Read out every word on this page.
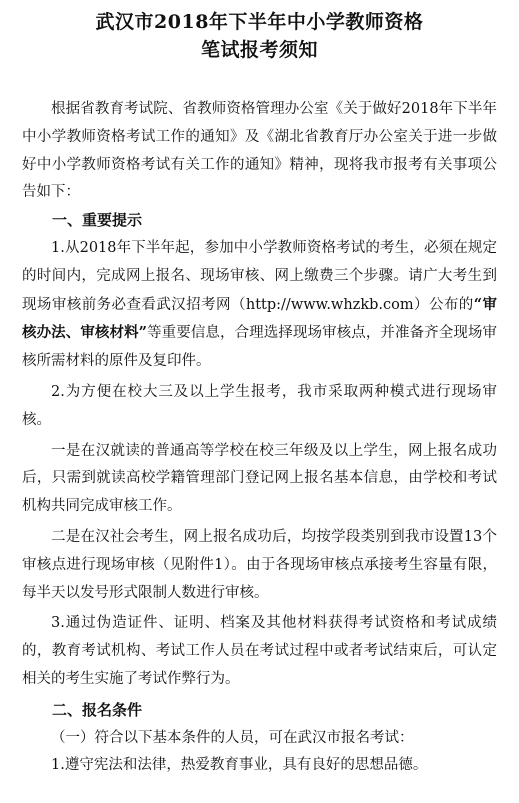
武汉市2018年下半年中小学教师资格
笔试报考须知

根据省教育考试院、省教师资格管理办公室《关于做好2018年下半年中小学教师资格考试工作的通知》及《湖北省教育厅办公室关于进一步做好中小学教师资格考试有关工作的通知》精神，现将我市报考有关事项公告如下：

一、重要提示

1.从2018年下半年起，参加中小学教师资格考试的考生，必须在规定的时间内，完成网上报名、现场审核、网上缴费三个步骤。请广大考生到现场审核前务必查看武汉招考网（http://www.whzkb.com）公布的“审核办法、审核材料”等重要信息，合理选择现场审核点，并准备齐全现场审核所需材料的原件及复印件。

2.为方便在校大三及以上学生报考，我市采取两种模式进行现场审核。

一是在汉就读的普通高等学校在校三年级及以上学生，网上报名成功后，只需到就读高校学籍管理部门登记网上报名基本信息，由学校和考试机构共同完成审核工作。

二是在汉社会考生，网上报名成功后，均按学段类别到我市设置13个审核点进行现场审核（见附件1）。由于各现场审核点承接考生容量有限，每半天以发号形式限制人数进行审核。

3.通过伪造证件、证明、档案及其他材料获得考试资格和考试成绩的，教育考试机构、考试工作人员在考试过程中或者考试结束后，可认定相关的考生实施了考试作弊行为。

二、报名条件

（一）符合以下基本条件的人员，可在武汉市报名考试：

1.遵守宪法和法律，热爱教育事业，具有良好的思想品德。
